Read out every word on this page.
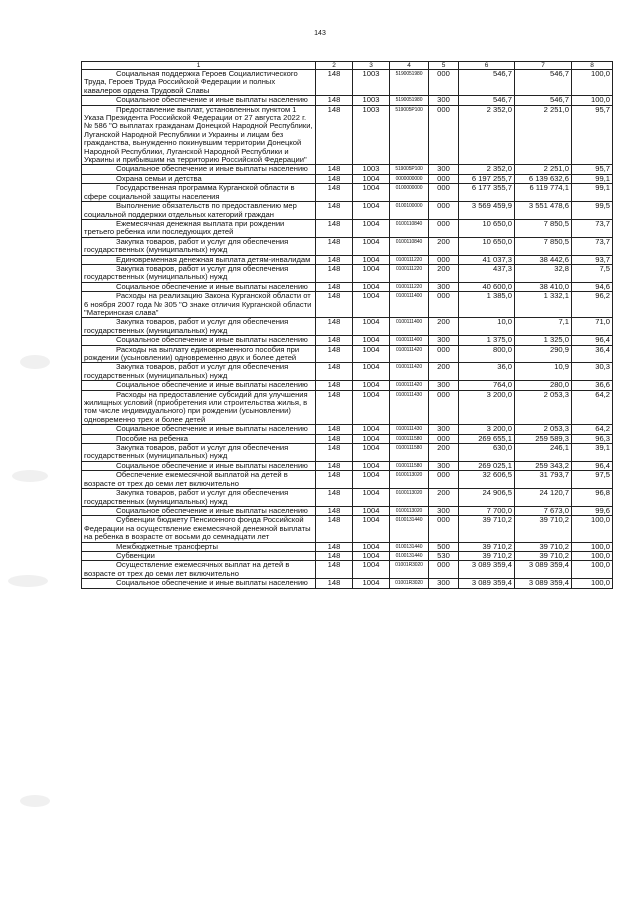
143
1	2	3	4	5	6	7	8
Социальная поддержка Героев Социалистического Труда, Героев Труда Российской Федерации и полных кавалеров ордена Трудовой Славы	148	1003	5190051980	000	546,7	546,7	100,0
Социальное обеспечение и иные выплаты населению	148	1003	5190051980	300	546,7	546,7	100,0
Предоставление выплат, установленных пунктом 1 Указа Президента Российской Федерации от 27 августа 2022 г. № 586 "О выплатах гражданам Донецкой Народной Республики, Луганской Народной Республики и Украины и лицам без гражданства, вынужденно покинувшим территории Донецкой Народной Республики, Луганской Народной Республики и Украины и прибывшим на территорию Российской Федерации"	148	1003	519005Р100	000	2 352,0	2 251,0	95,7
Социальное обеспечение и иные выплаты населению	148	1003	519005Р100	300	2 352,0	2 251,0	95,7
Охрана семьи и детства	148	1004	0000000000	000	6 197 255,7	6 139 632,6	99,1
Государственная программа Курганской области в сфере социальной защиты населения	148	1004	0100000000	000	6 177 355,7	6 119 774,1	99,1
Выполнение обязательств по предоставлению мер социальной поддержки отдельных категорий граждан	148	1004	0100100000	000	3 569 459,9	3 551 478,6	99,5
Ежемесячная денежная выплата при рождении третьего ребенка или последующих детей	148	1004	0100110840	000	10 650,0	7 850,5	73,7
Закупка товаров, работ и услуг для обеспечения государственных (муниципальных) нужд	148	1004	0100110840	200	10 650,0	7 850,5	73,7
Единовременная денежная выплата детям-инвалидам	148	1004	0100111220	000	41 037,3	38 442,6	93,7
Закупка товаров, работ и услуг для обеспечения государственных (муниципальных) нужд	148	1004	0100111220	200	437,3	32,8	7,5
Социальное обеспечение и иные выплаты населению	148	1004	0100111220	300	40 600,0	38 410,0	94,6
Расходы на реализацию Закона Курганской области от 6 ноября 2007 года № 305 "О знаке отличия Курганской области "Материнская слава"	148	1004	0100111400	000	1 385,0	1 332,1	96,2
Закупка товаров, работ и услуг для обеспечения государственных (муниципальных) нужд	148	1004	0100111400	200	10,0	7,1	71,0
Социальное обеспечение и иные выплаты населению	148	1004	0100111400	300	1 375,0	1 325,0	96,4
Расходы на выплату единовременного пособия при рождении (усыновлении) одновременно двух и более детей	148	1004	0100111420	000	800,0	290,9	36,4
Закупка товаров, работ и услуг для обеспечения государственных (муниципальных) нужд	148	1004	0100111420	200	36,0	10,9	30,3
Социальное обеспечение и иные выплаты населению	148	1004	0100111420	300	764,0	280,0	36,6
Расходы на предоставление субсидий для улучшения жилищных условий (приобретения или строительства жилья, в том числе индивидуального) при рождении (усыновлении) одновременно трех и более детей	148	1004	0100111430	000	3 200,0	2 053,3	64,2
Социальное обеспечение и иные выплаты населению	148	1004	0100111430	300	3 200,0	2 053,3	64,2
Пособие на ребенка	148	1004	0100111580	000	269 655,1	259 589,3	96,3
Закупка товаров, работ и услуг для обеспечения государственных (муниципальных) нужд	148	1004	0100111580	200	630,0	246,1	39,1
Социальное обеспечение и иные выплаты населению	148	1004	0100111580	300	269 025,1	259 343,2	96,4
Обеспечение ежемесячной выплатой на детей в возрасте от трех до семи лет включительно	148	1004	0100113020	000	32 606,5	31 793,7	97,5
Закупка товаров, работ и услуг для обеспечения государственных (муниципальных) нужд	148	1004	0100113020	200	24 906,5	24 120,7	96,8
Социальное обеспечение и иные выплаты населению	148	1004	0100113020	300	7 700,0	7 673,0	99,6
Субвенции бюджету Пенсионного фонда Российской Федерации на осуществление ежемесячной денежной выплаты на ребенка в возрасте от восьми до семнадцати лет	148	1004	0100131440	000	39 710,2	39 710,2	100,0
Межбюджетные трансферты	148	1004	0100131440	500	39 710,2	39 710,2	100,0
Субвенции	148	1004	0100131440	530	39 710,2	39 710,2	100,0
Осуществление ежемесячных выплат на детей в возрасте от трех до семи лет включительно	148	1004	01001R3020	000	3 089 359,4	3 089 359,4	100,0
Социальное обеспечение и иные выплаты населению	148	1004	01001R3020	300	3 089 359,4	3 089 359,4	100,0
